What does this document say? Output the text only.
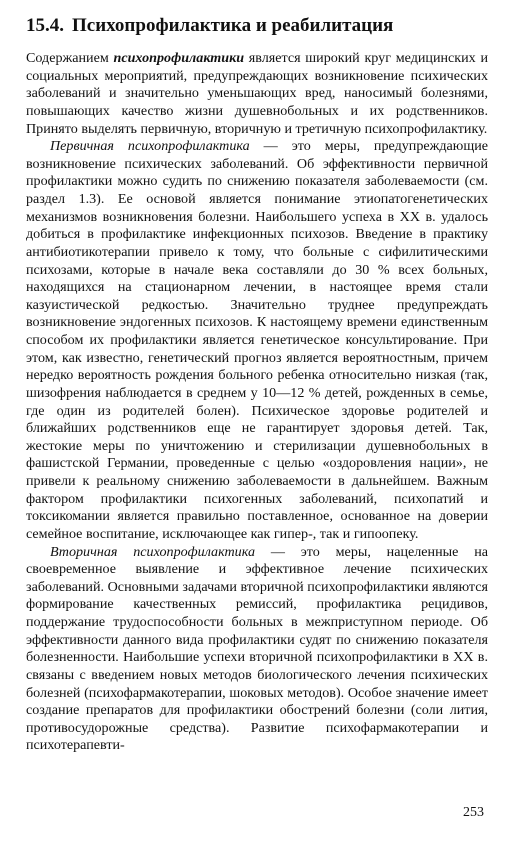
15.4. Психопрофилактика и реабилитация

Содержанием психопрофилактики является широкий круг медицинских и социальных мероприятий, предупреждающих возникновение психических заболеваний и значительно уменьшающих вред, наносимый болезнями, повышающих качество жизни душевнобольных и их родственников. Принято выделять первичную, вторичную и третичную психопрофилактику.

Первичная психопрофилактика — это меры, предупреждающие возникновение психических заболеваний. Об эффективности первичной профилактики можно судить по снижению показателя заболеваемости (см. раздел 1.3). Ее основой является понимание этиопатогенетических механизмов возникновения болезни. Наибольшего успеха в XX в. удалось добиться в профилактике инфекционных психозов. Введение в практику антибиотикотерапии привело к тому, что больные с сифилитическими психозами, которые в начале века составляли до 30 % всех больных, находящихся на стационарном лечении, в настоящее время стали казуистической редкостью. Значительно труднее предупреждать возникновение эндогенных психозов. К настоящему времени единственным способом их профилактики является генетическое консультирование. При этом, как известно, генетический прогноз является вероятностным, причем нередко вероятность рождения больного ребенка относительно низкая (так, шизофрения наблюдается в среднем у 10—12 % детей, рожденных в семье, где один из родителей болен). Психическое здоровье родителей и ближайших родственников еще не гарантирует здоровья детей. Так, жестокие меры по уничтожению и стерилизации душевнобольных в фашистской Германии, проведенные с целью «оздоровления нации», не привели к реальному снижению заболеваемости в дальнейшем. Важным фактором профилактики психогенных заболеваний, психопатий и токсикомании является правильно поставленное, основанное на доверии семейное воспитание, исключающее как гипер-, так и гипоопеку.

Вторичная психопрофилактика — это меры, нацеленные на своевременное выявление и эффективное лечение психических заболеваний. Основными задачами вторичной психопрофилактики являются формирование качественных ремиссий, профилактика рецидивов, поддержание трудоспособности больных в межприступном периоде. Об эффективности данного вида профилактики судят по снижению показателя болезненности. Наибольшие успехи вторичной психопрофилактики в XX в. связаны с введением новых методов биологического лечения психических болезней (психофармакотерапии, шоковых методов). Особое значение имеет создание препаратов для профилактики обострений болезни (соли лития, противосудорожные средства). Развитие психофармакотерапии и психотерапевти-

253
